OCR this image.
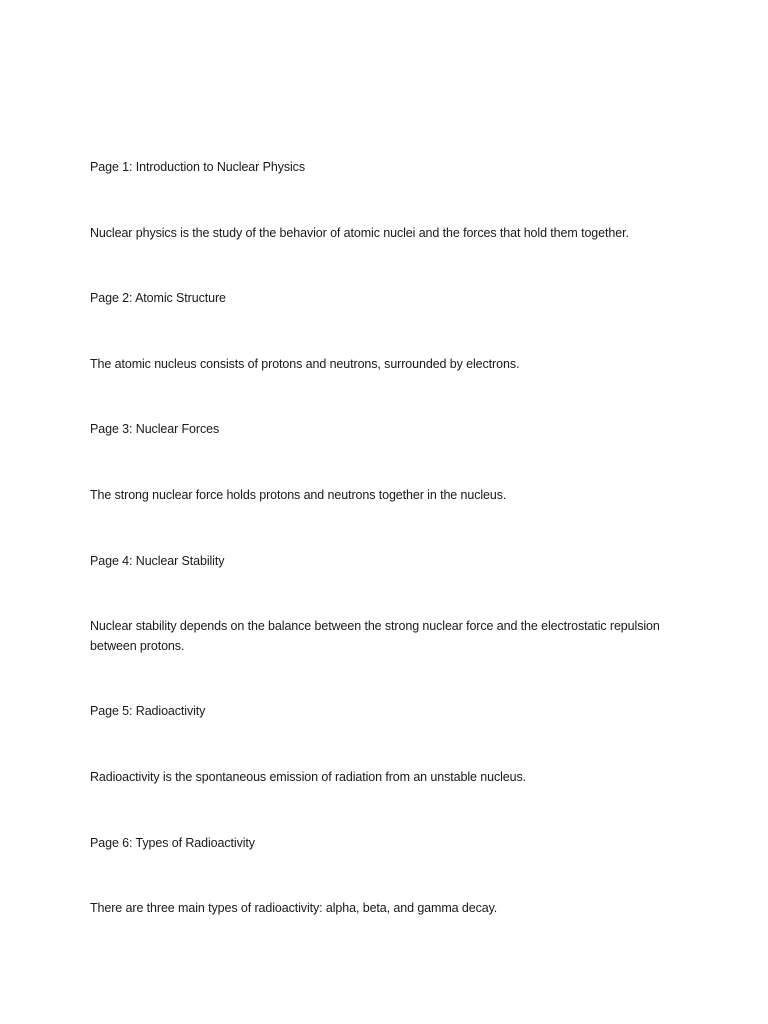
Page 1: Introduction to Nuclear Physics

Nuclear physics is the study of the behavior of atomic nuclei and the forces that hold them together.

Page 2: Atomic Structure

The atomic nucleus consists of protons and neutrons, surrounded by electrons.

Page 3: Nuclear Forces

The strong nuclear force holds protons and neutrons together in the nucleus.

Page 4: Nuclear Stability

Nuclear stability depends on the balance between the strong nuclear force and the electrostatic repulsion between protons.

Page 5: Radioactivity

Radioactivity is the spontaneous emission of radiation from an unstable nucleus.

Page 6: Types of Radioactivity

There are three main types of radioactivity: alpha, beta, and gamma decay.
